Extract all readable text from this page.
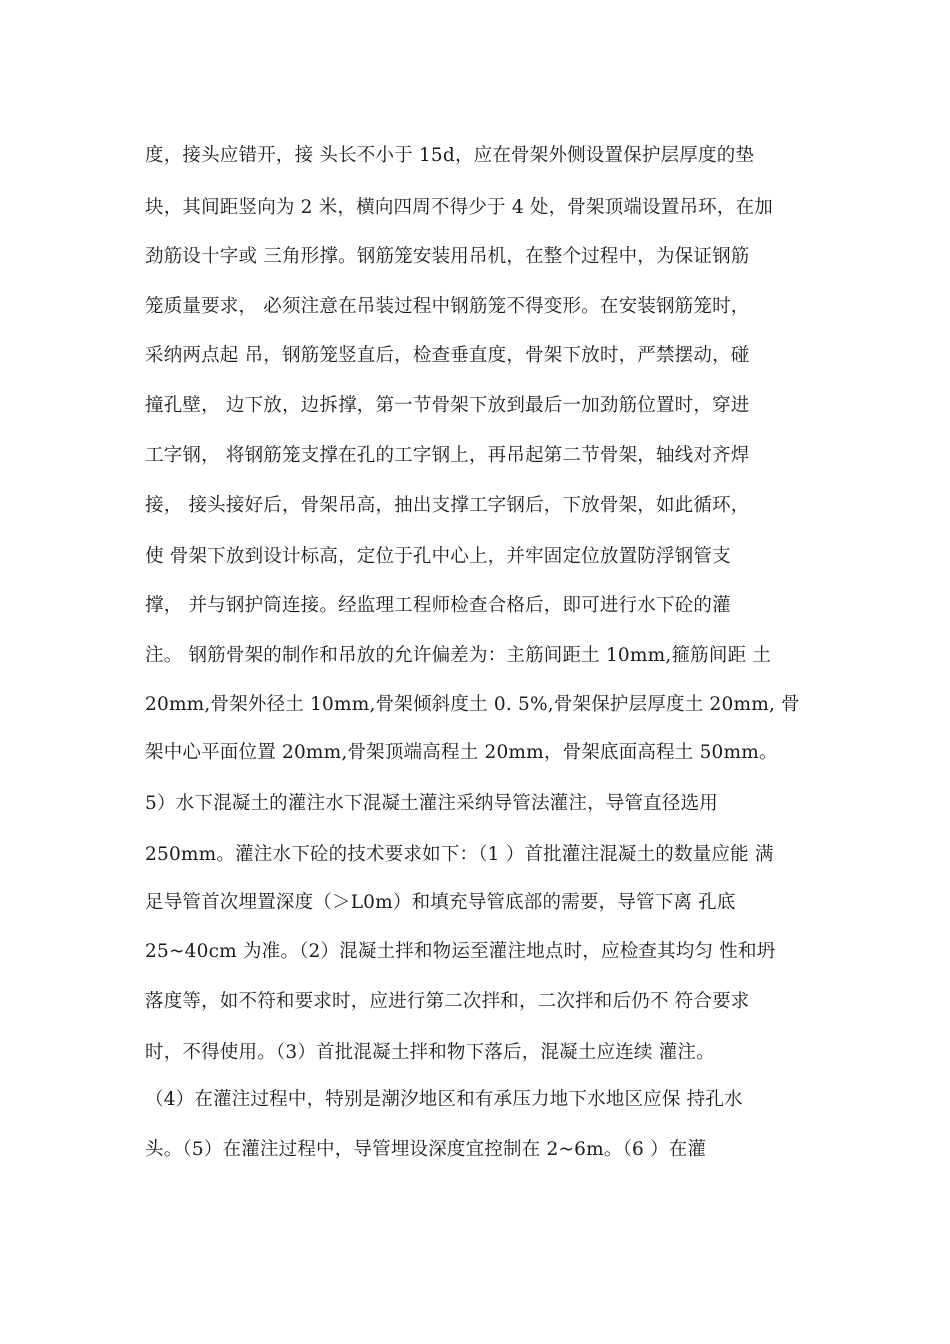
度，接头应错开，接 头长不小于 15d，应在骨架外侧设置保护层厚度的垫
块，其间距竖向为 2 米，横向四周不得少于 4 处，骨架顶端设置吊环，在加
劲筋设十字或 三角形撑。钢筋笼安装用吊机，在整个过程中，为保证钢筋
笼质量要求， 必须注意在吊装过程中钢筋笼不得变形。在安装钢筋笼时，
采纳两点起 吊，钢筋笼竖直后，检查垂直度，骨架下放时，严禁摆动，碰
撞孔壁， 边下放，边拆撑，第一节骨架下放到最后一加劲筋位置时，穿进
工字钢， 将钢筋笼支撑在孔的工字钢上，再吊起第二节骨架，轴线对齐焊
接， 接头接好后，骨架吊高，抽出支撑工字钢后，下放骨架，如此循环，
使 骨架下放到设计标高，定位于孔中心上，并牢固定位放置防浮钢管支
撑， 并与钢护筒连接。经监理工程师检查合格后，即可进行水下砼的灌
注。 钢筋骨架的制作和吊放的允许偏差为：主筋间距土 10mm,箍筋间距 土
20mm,骨架外径土 10mm,骨架倾斜度土 0. 5%,骨架保护层厚度土 20mm, 骨
架中心平面位置 20mm,骨架顶端高程土 20mm，骨架底面高程土 50mm。
5）水下混凝土的灌注水下混凝土灌注采纳导管法灌注，导管直径选用
250mm。灌注水下砼的技术要求如下：（1 ）首批灌注混凝土的数量应能 满
足导管首次埋置深度（＞L0m）和填充导管底部的需要，导管下离 孔底
25~40cm 为准。（2）混凝土拌和物运至灌注地点时，应检查其均匀 性和坍
落度等，如不符和要求时，应进行第二次拌和，二次拌和后仍不 符合要求
时，不得使用。（3）首批混凝土拌和物下落后，混凝土应连续 灌注。
（4）在灌注过程中，特别是潮汐地区和有承压力地下水地区应保 持孔水
头。（5）在灌注过程中，导管埋设深度宜控制在 2~6m。（6 ）在灌
